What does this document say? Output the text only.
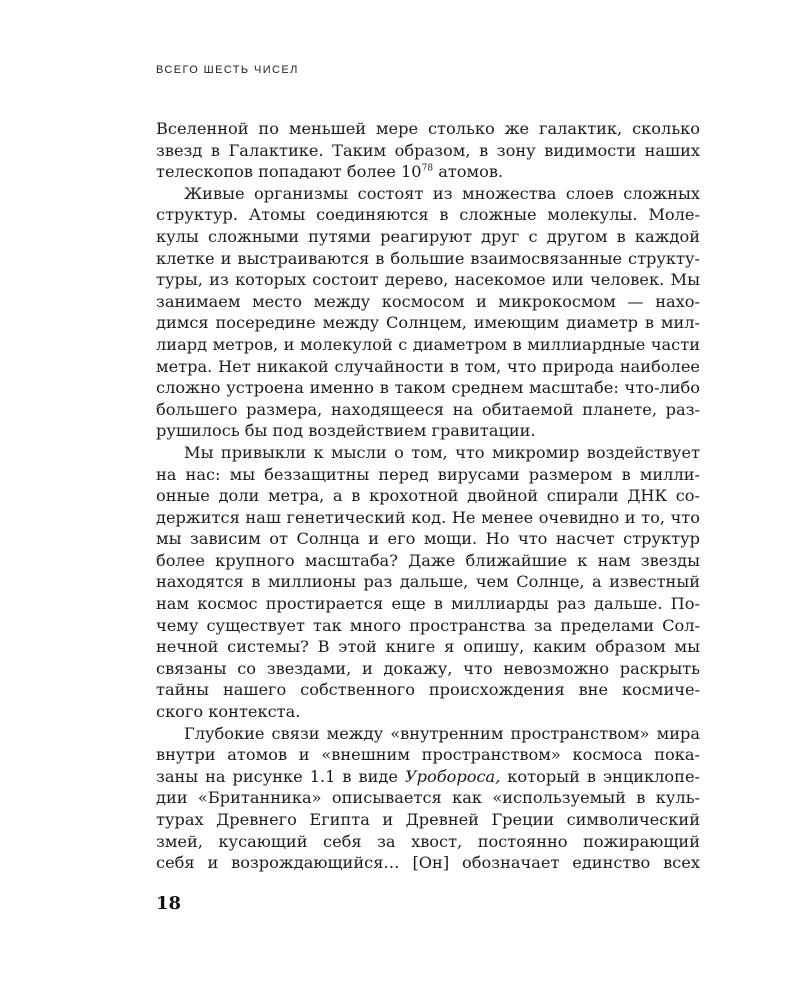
ВСЕГО ШЕСТЬ ЧИСЕЛ
Вселенной по меньшей мере столько же галактик, сколько
звезд в Галактике. Таким образом, в зону видимости наших
телескопов попадают более $10^{78}$ атомов.
Живые организмы состоят из множества слоев сложных
структур. Атомы соединяются в сложные молекулы. Моле-
кулы сложными путями реагируют друг с другом в каждой
клетке и выстраиваются в большие взаимосвязанные структу-
туры, из которых состоит дерево, насекомое или человек. Мы
занимаем место между космосом и микрокосмом — нахо-
димся посередине между Солнцем, имеющим диаметр в мил-
лиард метров, и молекулой с диаметром в миллиардные части
метра. Нет никакой случайности в том, что природа наиболее
сложно устроена именно в таком среднем масштабе: что-либо
большего размера, находящееся на обитаемой планете, раз-
рушилось бы под воздействием гравитации.
Мы привыкли к мысли о том, что микромир воздействует
на нас: мы беззащитны перед вирусами размером в милли-
онные доли метра, а в крохотной двойной спирали ДНК со-
держится наш генетический код. Не менее очевидно и то, что
мы зависим от Солнца и его мощи. Но что насчет структур
более крупного масштаба? Даже ближайшие к нам звезды
находятся в миллионы раз дальше, чем Солнце, а известный
нам космос простирается еще в миллиарды раз дальше. По-
чему существует так много пространства за пределами Сол-
нечной системы? В этой книге я опишу, каким образом мы
связаны со звездами, и докажу, что невозможно раскрыть
тайны нашего собственного происхождения вне космиче-
ского контекста.
Глубокие связи между «внутренним пространством» мира
внутри атомов и «внешним пространством» космоса пока-
заны на рисунке 1.1 в виде Уробороса, который в энциклопе-
дии «Британника» описывается как «используемый в куль-
турах Древнего Египта и Древней Греции символический
змей, кусающий себя за хвост, постоянно пожирающий
себя и возрождающийся… [Он] обозначает единство всех
18
